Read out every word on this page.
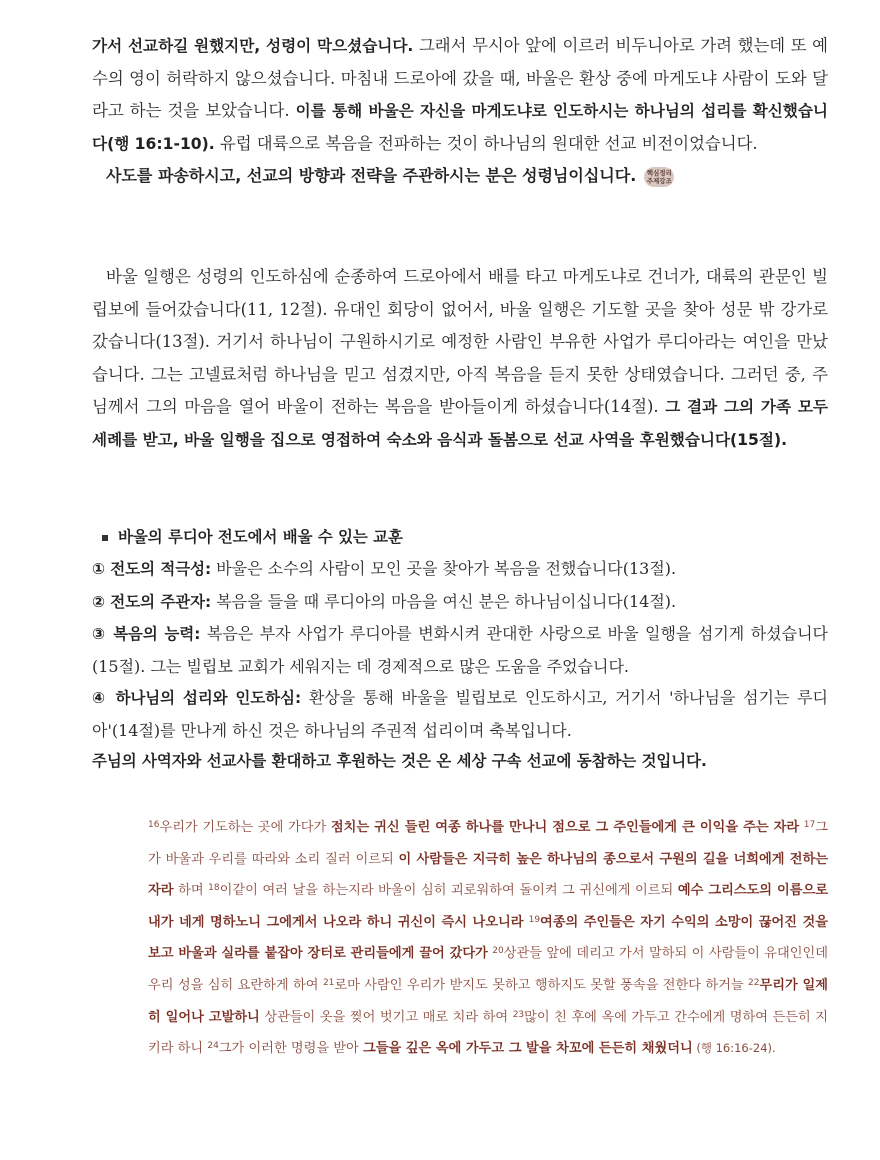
가서 선교하길 원했지만, 성령이 막으셨습니다. 그래서 무시아 앞에 이르러 비두니아로 가려 했는데 또 예수의 영이 허락하지 않으셨습니다. 마침내 드로아에 갔을 때, 바울은 환상 중에 마게도냐 사람이 도와 달라고 하는 것을 보았습니다. 이를 통해 바울은 자신을 마게도냐로 인도하시는 하나님의 섭리를 확신했습니다(행 16:1-10). 유럽 대륙으로 복음을 전파하는 것이 하나님의 원대한 선교 비전이었습니다.

사도를 파송하시고, 선교의 방향과 전략을 주관하시는 분은 성령님이십니다. 핵심정리 주제강조

바울 일행은 성령의 인도하심에 순종하여 드로아에서 배를 타고 마게도냐로 건너가, 대륙의 관문인 빌립보에 들어갔습니다(11, 12절). 유대인 회당이 없어서, 바울 일행은 기도할 곳을 찾아 성문 밖 강가로 갔습니다(13절). 거기서 하나님이 구원하시기로 예정한 사람인 부유한 사업가 루디아라는 여인을 만났습니다. 그는 고넬료처럼 하나님을 믿고 섬겼지만, 아직 복음을 듣지 못한 상태였습니다. 그러던 중, 주님께서 그의 마음을 열어 바울이 전하는 복음을 받아들이게 하셨습니다(14절). 그 결과 그의 가족 모두 세례를 받고, 바울 일행을 집으로 영접하여 숙소와 음식과 돌봄으로 선교 사역을 후원했습니다(15절).

바울의 루디아 전도에서 배울 수 있는 교훈

① 전도의 적극성: 바울은 소수의 사람이 모인 곳을 찾아가 복음을 전했습니다(13절).

② 전도의 주관자: 복음을 들을 때 루디아의 마음을 여신 분은 하나님이십니다(14절).

③ 복음의 능력: 복음은 부자 사업가 루디아를 변화시켜 관대한 사랑으로 바울 일행을 섬기게 하셨습니다(15절). 그는 빌립보 교회가 세워지는 데 경제적으로 많은 도움을 주었습니다.

④ 하나님의 섭리와 인도하심: 환상을 통해 바울을 빌립보로 인도하시고, 거기서 '하나님을 섬기는 루디아'(14절)를 만나게 하신 것은 하나님의 주권적 섭리이며 축복입니다.

주님의 사역자와 선교사를 환대하고 후원하는 것은 온 세상 구속 선교에 동참하는 것입니다.

$^{16}$우리가 기도하는 곳에 가다가 점치는 귀신 들린 여종 하나를 만나니 점으로 그 주인들에게 큰 이익을 주는 자라 $^{17}$그가 바울과 우리를 따라와 소리 질러 이르되 이 사람들은 지극히 높은 하나님의 종으로서 구원의 길을 너희에게 전하는 자라 하며 $^{18}$이같이 여러 날을 하는지라 바울이 심히 괴로워하여 돌이켜 그 귀신에게 이르되 예수 그리스도의 이름으로 내가 네게 명하노니 그에게서 나오라 하니 귀신이 즉시 나오니라 $^{19}$여종의 주인들은 자기 수익의 소망이 끊어진 것을 보고 바울과 실라를 붙잡아 장터로 관리들에게 끌어 갔다가 $^{20}$상관들 앞에 데리고 가서 말하되 이 사람들이 유대인인데 우리 성을 심히 요란하게 하여 $^{21}$로마 사람인 우리가 받지도 못하고 행하지도 못할 풍속을 전한다 하거늘 $^{22}$무리가 일제히 일어나 고발하니 상관들이 옷을 찢어 벗기고 매로 치라 하여 $^{23}$많이 친 후에 옥에 가두고 간수에게 명하여 든든히 지키라 하니 $^{24}$그가 이러한 명령을 받아 그들을 깊은 옥에 가두고 그 발을 차꼬에 든든히 채웠더니 (행 16:16-24).
